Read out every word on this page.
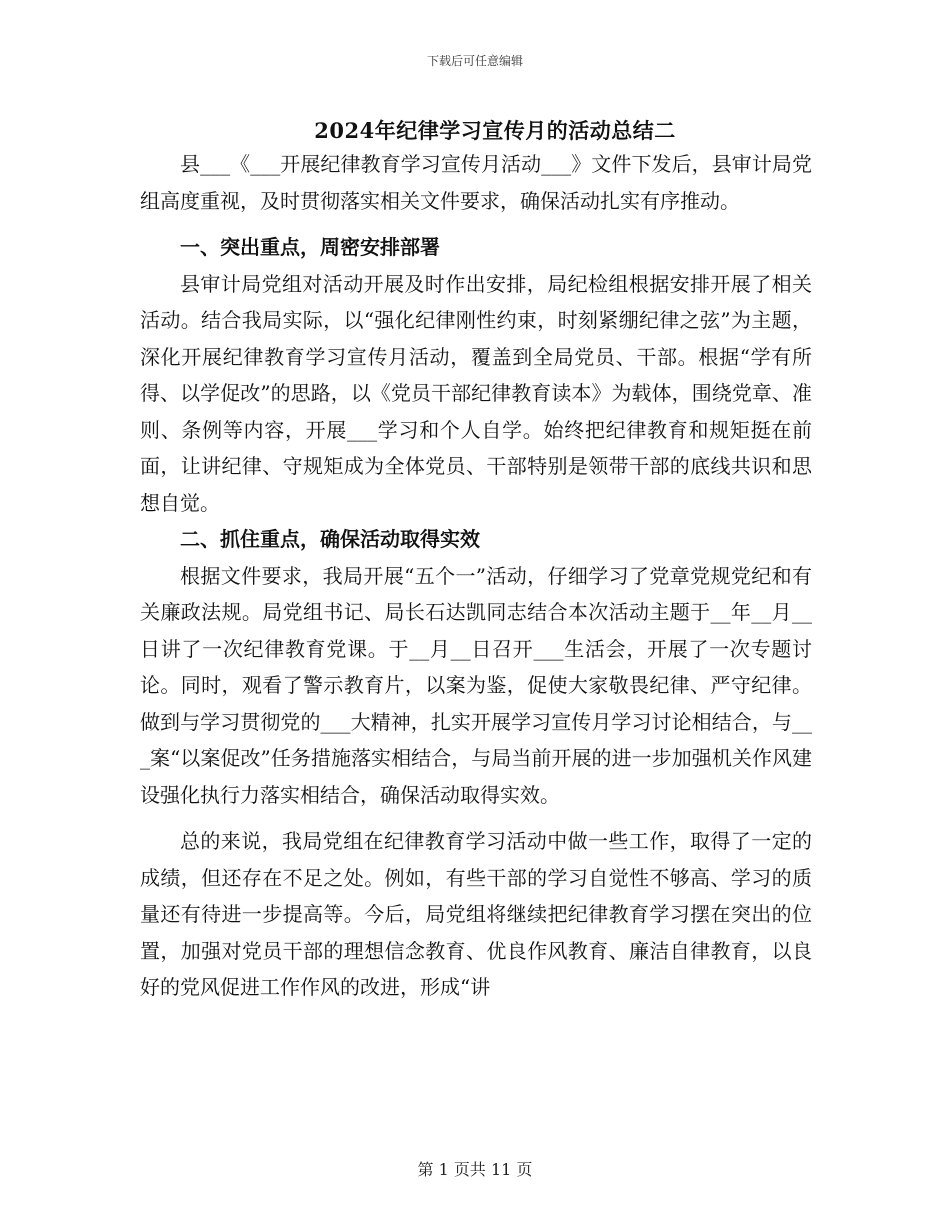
下载后可任意编辑
2024年纪律学习宣传月的活动总结二

县___《___开展纪律教育学习宣传月活动___》文件下发后，县审计局党组高度重视，及时贯彻落实相关文件要求，确保活动扎实有序推动。

一、突出重点，周密安排部署

县审计局党组对活动开展及时作出安排，局纪检组根据安排开展了相关活动。结合我局实际，以“强化纪律刚性约束，时刻紧绷纪律之弦”为主题，深化开展纪律教育学习宣传月活动，覆盖到全局党员、干部。根据“学有所得、以学促改”的思路，以《党员干部纪律教育读本》为载体，围绕党章、准则、条例等内容，开展___学习和个人自学。始终把纪律教育和规矩挺在前面，让讲纪律、守规矩成为全体党员、干部特别是领带干部的底线共识和思想自觉。

二、抓住重点，确保活动取得实效

根据文件要求，我局开展“五个一”活动，仔细学习了党章党规党纪和有关廉政法规。局党组书记、局长石达凯同志结合本次活动主题于__年__月__日讲了一次纪律教育党课。于__月__日召开___生活会，开展了一次专题讨论。同时，观看了警示教育片，以案为鉴，促使大家敬畏纪律、严守纪律。做到与学习贯彻党的___大精神，扎实开展学习宣传月学习讨论相结合，与___案“以案促改”任务措施落实相结合，与局当前开展的进一步加强机关作风建设强化执行力落实相结合，确保活动取得实效。

总的来说，我局党组在纪律教育学习活动中做一些工作，取得了一定的成绩，但还存在不足之处。例如，有些干部的学习自觉性不够高、学习的质量还有待进一步提高等。今后，局党组将继续把纪律教育学习摆在突出的位置，加强对党员干部的理想信念教育、优良作风教育、廉洁自律教育，以良好的党风促进工作作风的改进，形成“讲

第 1 页共 11 页
